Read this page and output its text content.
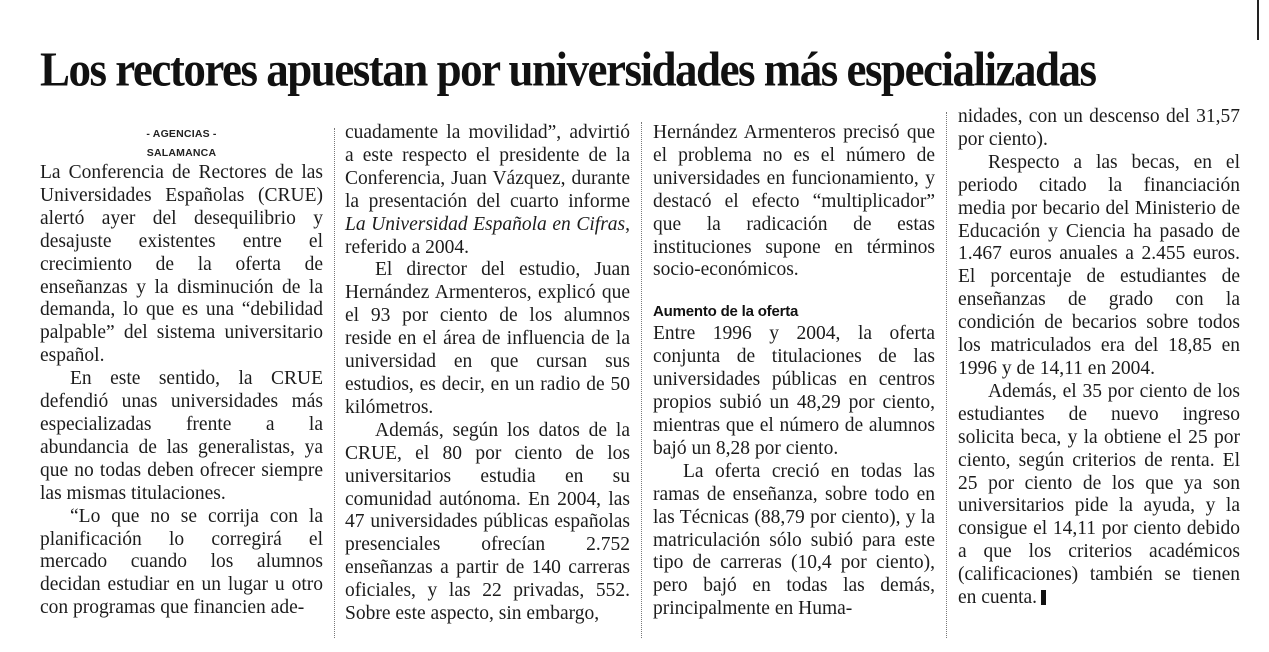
Los rectores apuestan por universidades más especializadas
- AGENCIAS -
SALAMANCA

La Conferencia de Rectores de las Universidades Españolas (CRUE) alertó ayer del desequilibrio y desajuste existentes entre el crecimiento de la oferta de enseñanzas y la disminución de la demanda, lo que es una “debilidad palpable” del sistema universitario español.

En este sentido, la CRUE defendió unas universidades más especializadas frente a la abundancia de las generalistas, ya que no todas deben ofrecer siempre las mismas titulaciones.

“Lo que no se corrija con la planificación lo corregirá el mercado cuando los alumnos decidan estudiar en un lugar u otro con programas que financien ade-

cuadamente la movilidad”, advirtió a este respecto el presidente de la Conferencia, Juan Vázquez, durante la presentación del cuarto informe La Universidad Española en Cifras, referido a 2004.

El director del estudio, Juan Hernández Armenteros, explicó que el 93 por ciento de los alumnos reside en el área de influencia de la universidad en que cursan sus estudios, es decir, en un radio de 50 kilómetros.

Además, según los datos de la CRUE, el 80 por ciento de los universitarios estudia en su comunidad autónoma. En 2004, las 47 universidades públicas españolas presenciales ofrecían 2.752 enseñanzas a partir de 140 carreras oficiales, y las 22 privadas, 552. Sobre este aspecto, sin embargo,

Hernández Armenteros precisó que el problema no es el número de universidades en funcionamiento, y destacó el efecto “multiplicador” que la radicación de estas instituciones supone en términos socio-económicos.

Aumento de la oferta

Entre 1996 y 2004, la oferta conjunta de titulaciones de las universidades públicas en centros propios subió un 48,29 por ciento, mientras que el número de alumnos bajó un 8,28 por ciento.

La oferta creció en todas las ramas de enseñanza, sobre todo en las Técnicas (88,79 por ciento), y la matriculación sólo subió para este tipo de carreras (10,4 por ciento), pero bajó en todas las demás, principalmente en Huma-

nidades, con un descenso del 31,57 por ciento).

Respecto a las becas, en el periodo citado la financiación media por becario del Ministerio de Educación y Ciencia ha pasado de 1.467 euros anuales a 2.455 euros. El porcentaje de estudiantes de enseñanzas de grado con la condición de becarios sobre todos los matriculados era del 18,85 en 1996 y de 14,11 en 2004.

Además, el 35 por ciento de los estudiantes de nuevo ingreso solicita beca, y la obtiene el 25 por ciento, según criterios de renta. El 25 por ciento de los que ya son universitarios pide la ayuda, y la consigue el 14,11 por ciento debido a que los criterios académicos (calificaciones) también se tienen en cuenta.
